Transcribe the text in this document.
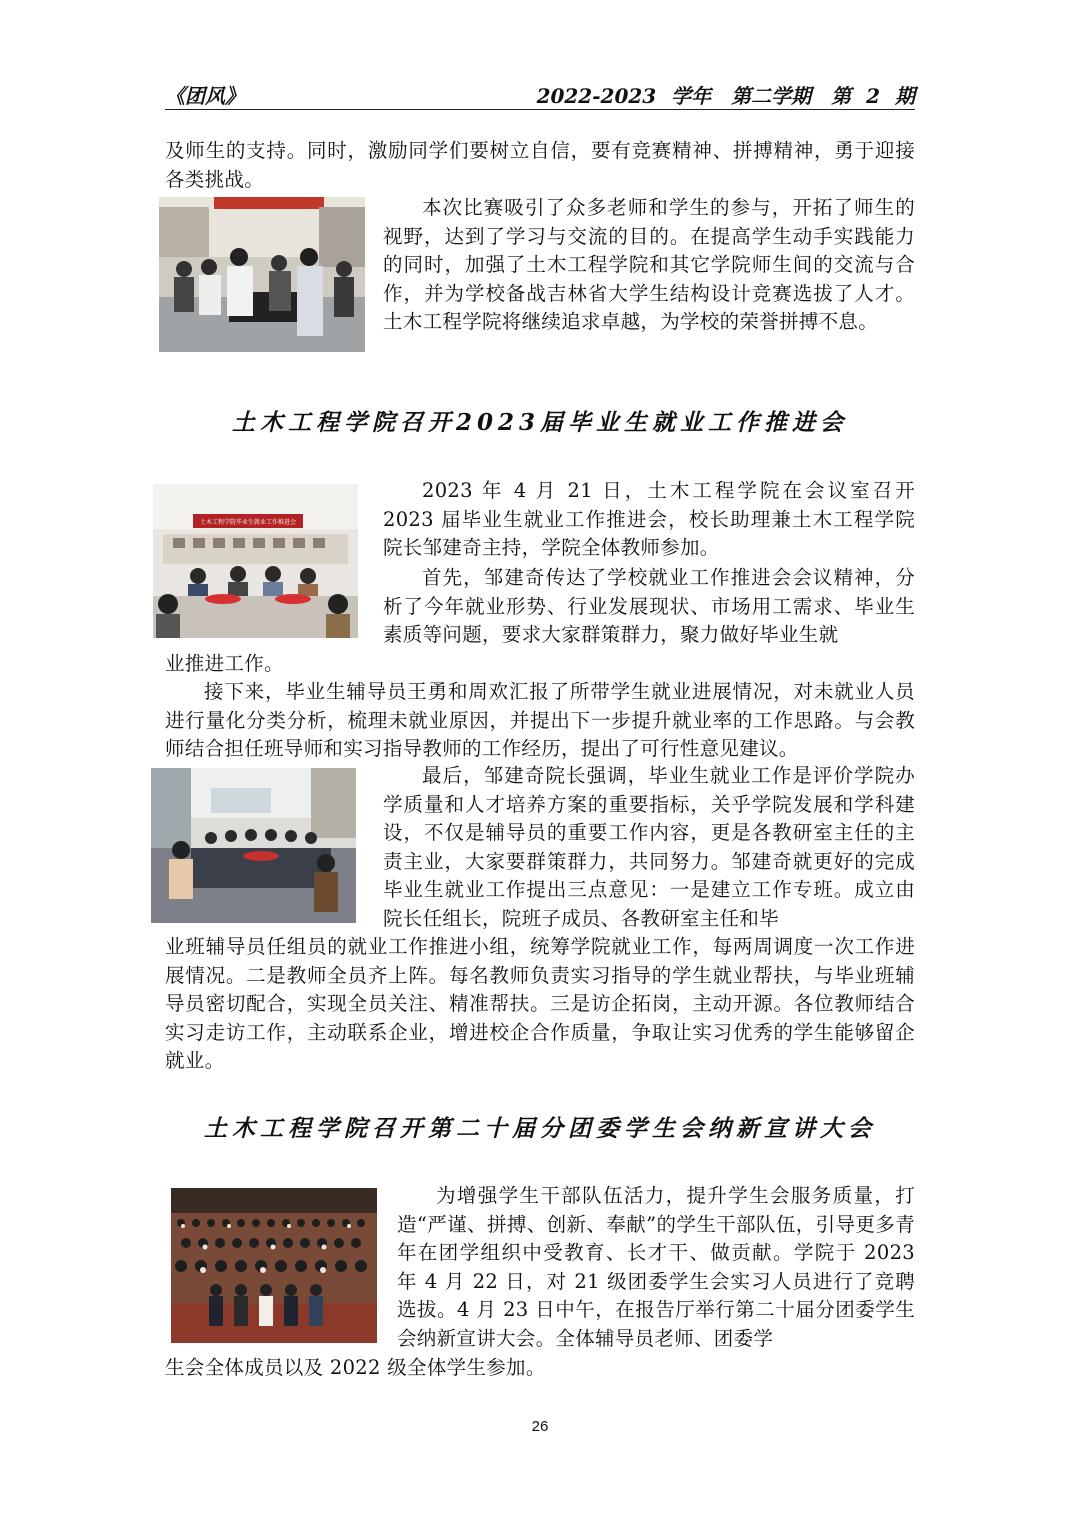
《团风》	2022-2023 学年　第二学期　第 2 期
及师生的支持。同时，激励同学们要树立自信，要有竞赛精神、拼搏精神，勇于迎接各类挑战。
本次比赛吸引了众多老师和学生的参与，开拓了师生的视野，达到了学习与交流的目的。在提高学生动手实践能力的同时，加强了土木工程学院和其它学院师生间的交流与合作，并为学校备战吉林省大学生结构设计竞赛选拔了人才。土木工程学院将继续追求卓越，为学校的荣誉拼搏不息。
土木工程学院召开2023届毕业生就业工作推进会
土木工程学院毕业生就业工作推进会
2023 年 4 月 21 日，土木工程学院在会议室召开 2023 届毕业生就业工作推进会，校长助理兼土木工程学院院长邹建奇主持，学院全体教师参加。
首先，邹建奇传达了学校就业工作推进会会议精神，分析了今年就业形势、行业发展现状、市场用工需求、毕业生素质等问题，要求大家群策群力，聚力做好毕业生就
业推进工作。
接下来，毕业生辅导员王勇和周欢汇报了所带学生就业进展情况，对未就业人员进行量化分类分析，梳理未就业原因，并提出下一步提升就业率的工作思路。与会教师结合担任班导师和实习指导教师的工作经历，提出了可行性意见建议。
最后，邹建奇院长强调，毕业生就业工作是评价学院办学质量和人才培养方案的重要指标，关乎学院发展和学科建设，不仅是辅导员的重要工作内容，更是各教研室主任的主责主业，大家要群策群力，共同努力。邹建奇就更好的完成毕业生就业工作提出三点意见：一是建立工作专班。成立由院长任组长，院班子成员、各教研室主任和毕
业班辅导员任组员的就业工作推进小组，统筹学院就业工作，每两周调度一次工作进展情况。二是教师全员齐上阵。每名教师负责实习指导的学生就业帮扶，与毕业班辅导员密切配合，实现全员关注、精准帮扶。三是访企拓岗，主动开源。各位教师结合实习走访工作，主动联系企业，增进校企合作质量，争取让实习优秀的学生能够留企就业。
土木工程学院召开第二十届分团委学生会纳新宣讲大会
为增强学生干部队伍活力，提升学生会服务质量，打造“严谨、拼搏、创新、奉献”的学生干部队伍，引导更多青年在团学组织中受教育、长才干、做贡献。学院于 2023 年 4 月 22 日，对 21 级团委学生会实习人员进行了竞聘选拔。4 月 23 日中午，在报告厅举行第二十届分团委学生会纳新宣讲大会。全体辅导员老师、团委学
生会全体成员以及 2022 级全体学生参加。
26
